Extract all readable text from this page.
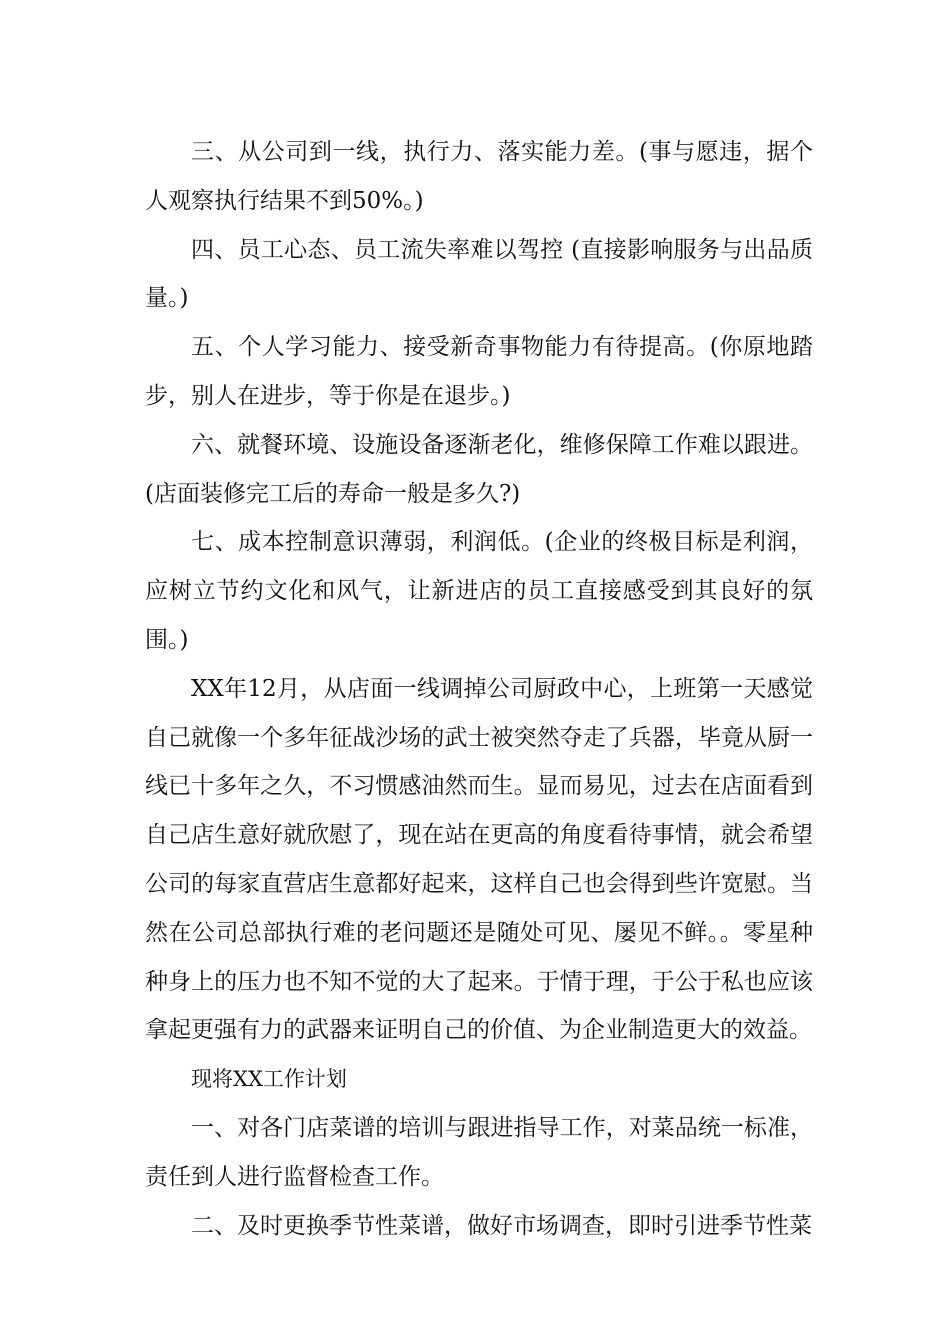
三、从公司到一线，执行力、落实能力差。(事与愿违，据个人观察执行结果不到50%。)

四、员工心态、员工流失率难以驾控 (直接影响服务与出品质量。)

五、个人学习能力、接受新奇事物能力有待提高。(你原地踏步，别人在进步，等于你是在退步。)

六、就餐环境、设施设备逐渐老化，维修保障工作难以跟进。(店面装修完工后的寿命一般是多久?)

七、成本控制意识薄弱，利润低。(企业的终极目标是利润，应树立节约文化和风气，让新进店的员工直接感受到其良好的氛围。)

XX年12月，从店面一线调掉公司厨政中心，上班第一天感觉自己就像一个多年征战沙场的武士被突然夺走了兵器，毕竟从厨一线已十多年之久，不习惯感油然而生。显而易见，过去在店面看到自己店生意好就欣慰了，现在站在更高的角度看待事情，就会希望公司的每家直营店生意都好起来，这样自己也会得到些许宽慰。当然在公司总部执行难的老问题还是随处可见、屡见不鲜。。零星种种身上的压力也不知不觉的大了起来。于情于理，于公于私也应该拿起更强有力的武器来证明自己的价值、为企业制造更大的效益。

现将XX工作计划

一、对各门店菜谱的培训与跟进指导工作，对菜品统一标准，责任到人进行监督检查工作。

二、及时更换季节性菜谱，做好市场调查，即时引进季节性菜
